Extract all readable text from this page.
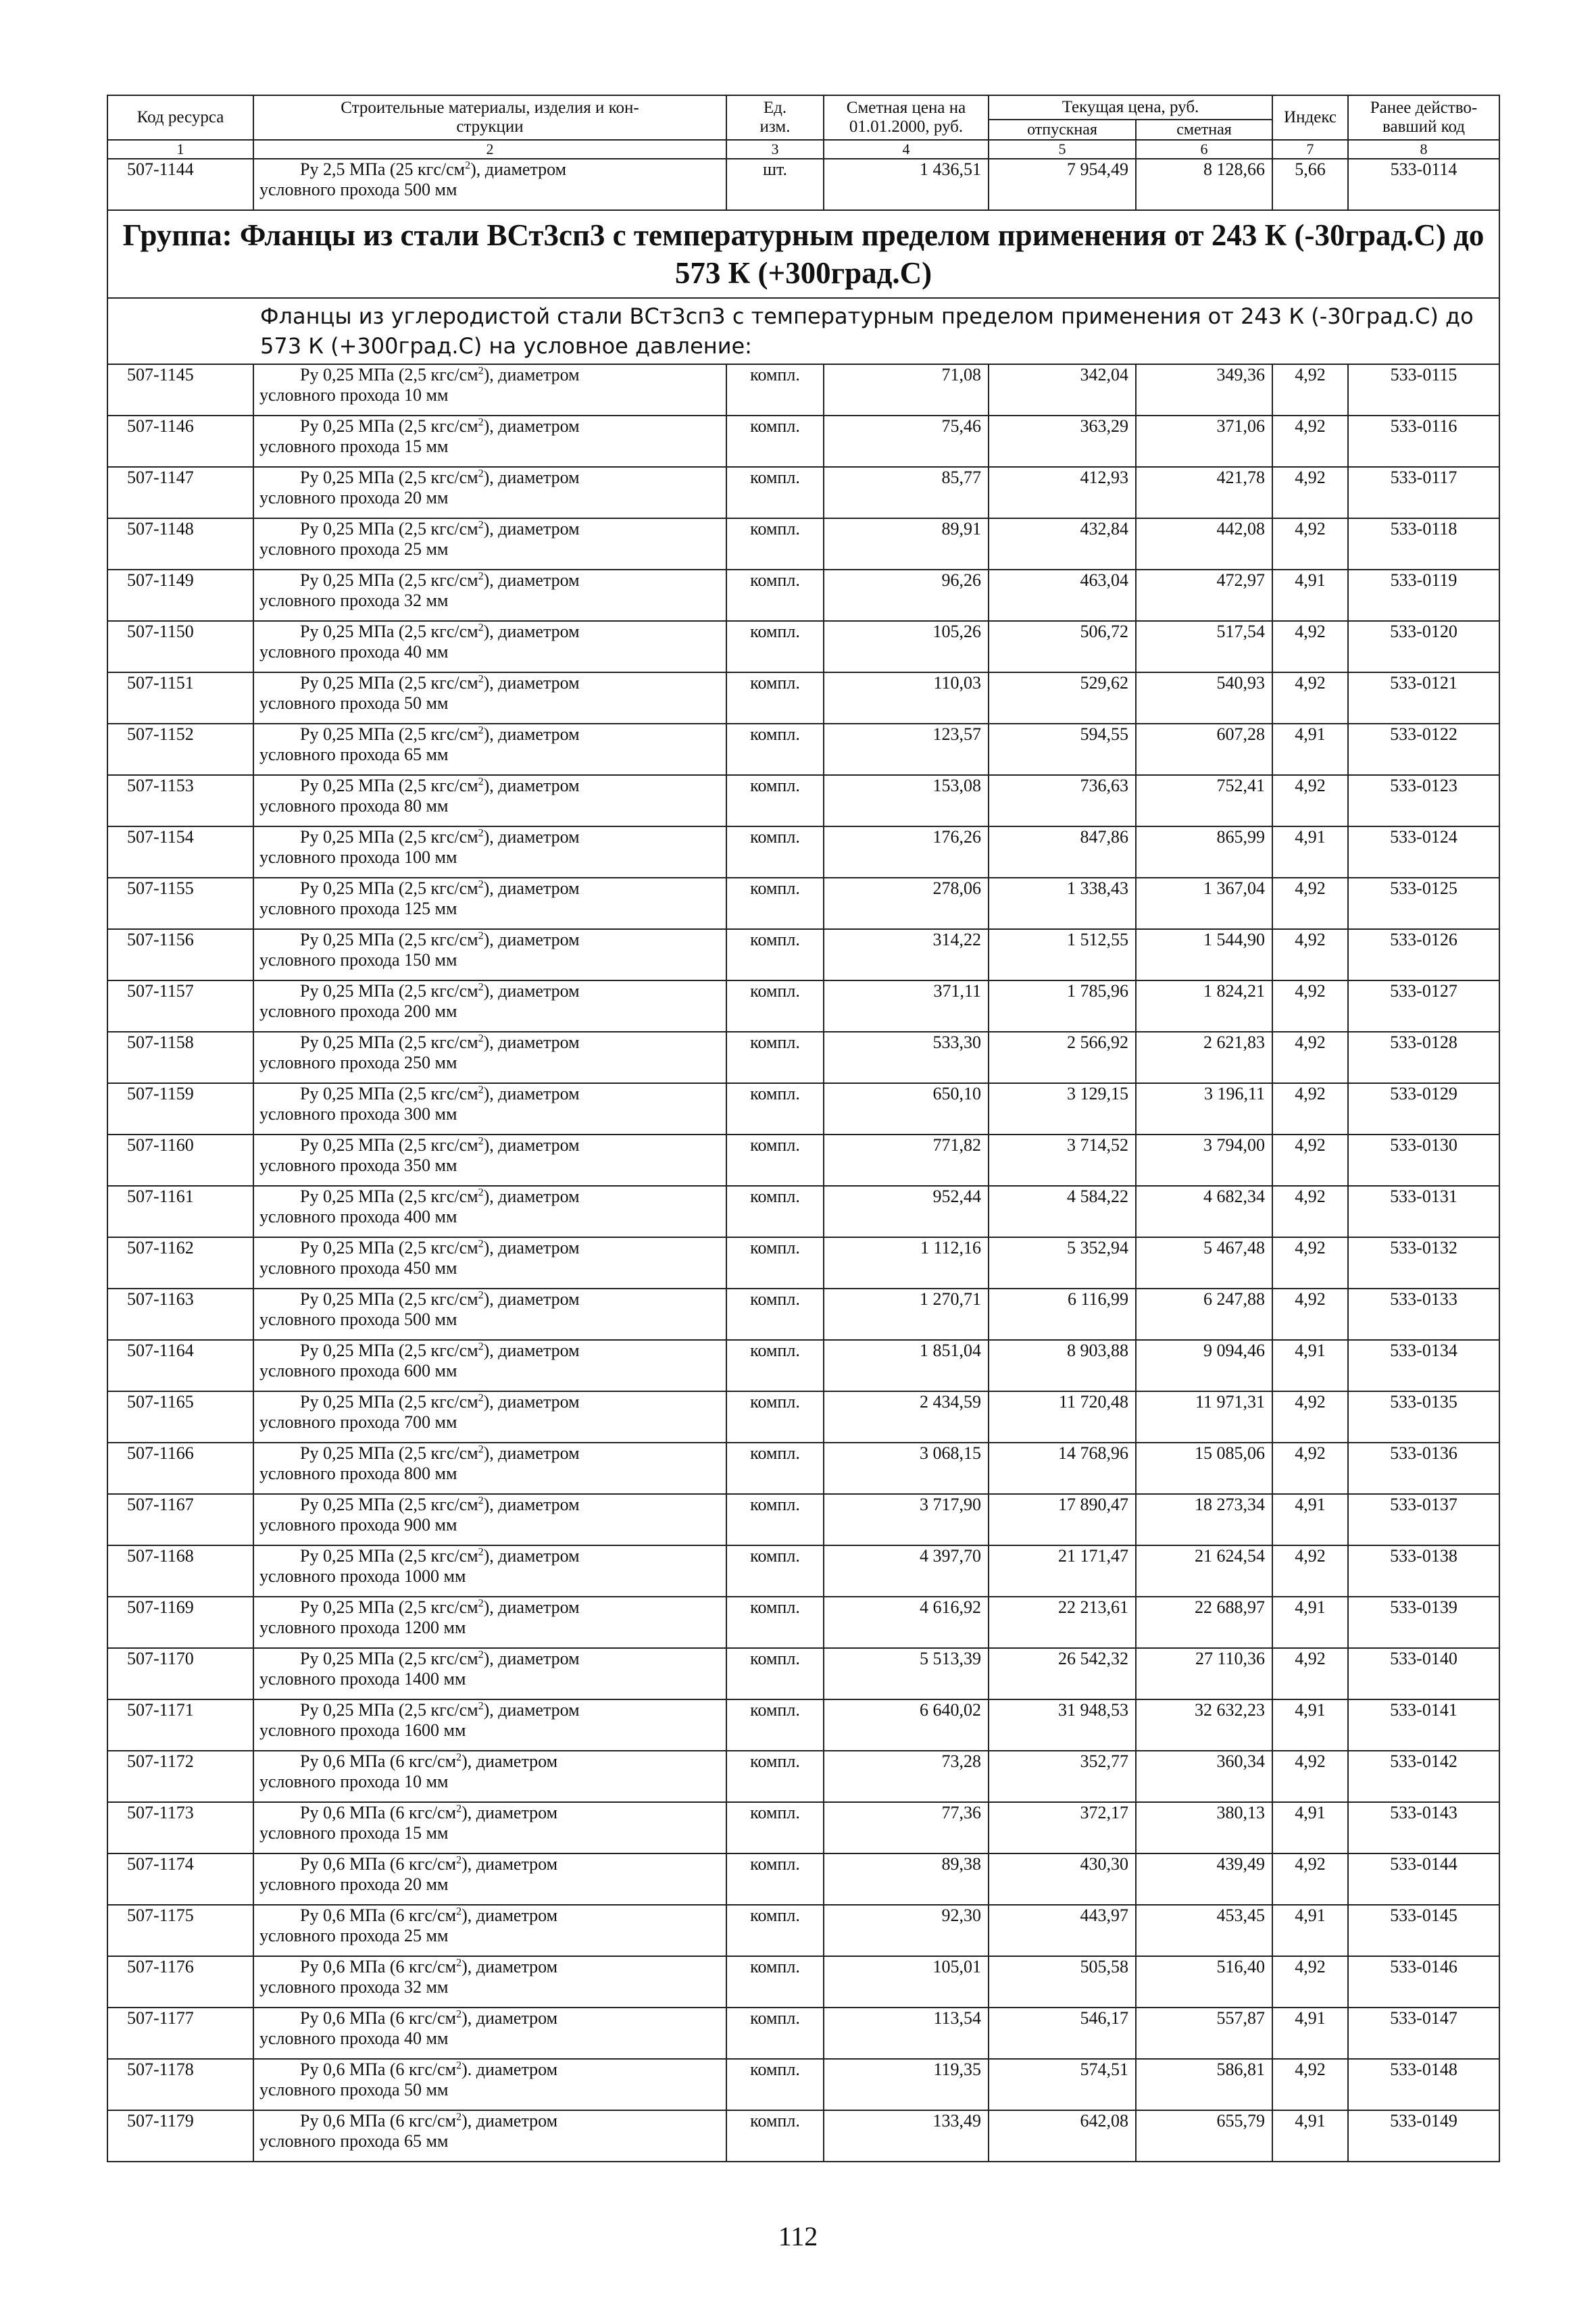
Код ресурса	Строительные материалы, изделия и кон-
струкции	Ед.
изм.	Сметная цена на
01.01.2000, руб.	Текущая цена, руб.		Индекс	Ранее действо-
вавший код
				отпускная	сметная		
1	2	3	4	5	6	7	8
507-1144	Ру 2,5 МПа (25 кгс/$см^2$), диаметром
условного прохода 500 мм	шт.	1 436,51	7 954,49	8 128,66	5,66	533-0114
Группа: Фланцы из стали ВСт3сп3 с температурным пределом применения от 243 К (-30град.С) до 573 К (+300град.С)							
Фланцы из углеродистой стали ВСт3сп3 с температурным пределом применения от 243 К (-30град.С) до 573 К (+300град.С) на условное давление:							
507-1145	Ру 0,25 МПа (2,5 кгс/$см^2$), диаметром
условного прохода 10 мм	компл.	71,08	342,04	349,36	4,92	533-0115
507-1146	Ру 0,25 МПа (2,5 кгс/$см^2$), диаметром
условного прохода 15 мм	компл.	75,46	363,29	371,06	4,92	533-0116
507-1147	Ру 0,25 МПа (2,5 кгс/$см^2$), диаметром
условного прохода 20 мм	компл.	85,77	412,93	421,78	4,92	533-0117
507-1148	Ру 0,25 МПа (2,5 кгс/$см^2$), диаметром
условного прохода 25 мм	компл.	89,91	432,84	442,08	4,92	533-0118
507-1149	Ру 0,25 МПа (2,5 кгс/$см^2$), диаметром
условного прохода 32 мм	компл.	96,26	463,04	472,97	4,91	533-0119
507-1150	Ру 0,25 МПа (2,5 кгс/$см^2$), диаметром
условного прохода 40 мм	компл.	105,26	506,72	517,54	4,92	533-0120
507-1151	Ру 0,25 МПа (2,5 кгс/$см^2$), диаметром
условного прохода 50 мм	компл.	110,03	529,62	540,93	4,92	533-0121
507-1152	Ру 0,25 МПа (2,5 кгс/$см^2$), диаметром
условного прохода 65 мм	компл.	123,57	594,55	607,28	4,91	533-0122
507-1153	Ру 0,25 МПа (2,5 кгс/$см^2$), диаметром
условного прохода 80 мм	компл.	153,08	736,63	752,41	4,92	533-0123
507-1154	Ру 0,25 МПа (2,5 кгс/$см^2$), диаметром
условного прохода 100 мм	компл.	176,26	847,86	865,99	4,91	533-0124
507-1155	Ру 0,25 МПа (2,5 кгс/$см^2$), диаметром
условного прохода 125 мм	компл.	278,06	1 338,43	1 367,04	4,92	533-0125
507-1156	Ру 0,25 МПа (2,5 кгс/$см^2$), диаметром
условного прохода 150 мм	компл.	314,22	1 512,55	1 544,90	4,92	533-0126
507-1157	Ру 0,25 МПа (2,5 кгс/$см^2$), диаметром
условного прохода 200 мм	компл.	371,11	1 785,96	1 824,21	4,92	533-0127
507-1158	Ру 0,25 МПа (2,5 кгс/$см^2$), диаметром
условного прохода 250 мм	компл.	533,30	2 566,92	2 621,83	4,92	533-0128
507-1159	Ру 0,25 МПа (2,5 кгс/$см^2$), диаметром
условного прохода 300 мм	компл.	650,10	3 129,15	3 196,11	4,92	533-0129
507-1160	Ру 0,25 МПа (2,5 кгс/$см^2$), диаметром
условного прохода 350 мм	компл.	771,82	3 714,52	3 794,00	4,92	533-0130
507-1161	Ру 0,25 МПа (2,5 кгс/$см^2$), диаметром
условного прохода 400 мм	компл.	952,44	4 584,22	4 682,34	4,92	533-0131
507-1162	Ру 0,25 МПа (2,5 кгс/$см^2$), диаметром
условного прохода 450 мм	компл.	1 112,16	5 352,94	5 467,48	4,92	533-0132
507-1163	Ру 0,25 МПа (2,5 кгс/$см^2$), диаметром
условного прохода 500 мм	компл.	1 270,71	6 116,99	6 247,88	4,92	533-0133
507-1164	Ру 0,25 МПа (2,5 кгс/$см^2$), диаметром
условного прохода 600 мм	компл.	1 851,04	8 903,88	9 094,46	4,91	533-0134
507-1165	Ру 0,25 МПа (2,5 кгс/$см^2$), диаметром
условного прохода 700 мм	компл.	2 434,59	11 720,48	11 971,31	4,92	533-0135
507-1166	Ру 0,25 МПа (2,5 кгс/$см^2$), диаметром
условного прохода 800 мм	компл.	3 068,15	14 768,96	15 085,06	4,92	533-0136
507-1167	Ру 0,25 МПа (2,5 кгс/$см^2$), диаметром
условного прохода 900 мм	компл.	3 717,90	17 890,47	18 273,34	4,91	533-0137
507-1168	Ру 0,25 МПа (2,5 кгс/$см^2$), диаметром
условного прохода 1000 мм	компл.	4 397,70	21 171,47	21 624,54	4,92	533-0138
507-1169	Ру 0,25 МПа (2,5 кгс/$см^2$), диаметром
условного прохода 1200 мм	компл.	4 616,92	22 213,61	22 688,97	4,91	533-0139
507-1170	Ру 0,25 МПа (2,5 кгс/$см^2$), диаметром
условного прохода 1400 мм	компл.	5 513,39	26 542,32	27 110,36	4,92	533-0140
507-1171	Ру 0,25 МПа (2,5 кгс/$см^2$), диаметром
условного прохода 1600 мм	компл.	6 640,02	31 948,53	32 632,23	4,91	533-0141
507-1172	Ру 0,6 МПа (6 кгс/$см^2$), диаметром
условного прохода 10 мм	компл.	73,28	352,77	360,34	4,92	533-0142
507-1173	Ру 0,6 МПа (6 кгс/$см^2$), диаметром
условного прохода 15 мм	компл.	77,36	372,17	380,13	4,91	533-0143
507-1174	Ру 0,6 МПа (6 кгс/$см^2$), диаметром
условного прохода 20 мм	компл.	89,38	430,30	439,49	4,92	533-0144
507-1175	Ру 0,6 МПа (6 кгс/$см^2$), диаметром
условного прохода 25 мм	компл.	92,30	443,97	453,45	4,91	533-0145
507-1176	Ру 0,6 МПа (6 кгс/$см^2$), диаметром
условного прохода 32 мм	компл.	105,01	505,58	516,40	4,92	533-0146
507-1177	Ру 0,6 МПа (6 кгс/$см^2$), диаметром
условного прохода 40 мм	компл.	113,54	546,17	557,87	4,91	533-0147
507-1178	Ру 0,6 МПа (6 кгс/$см^2$). диаметром
условного прохода 50 мм	компл.	119,35	574,51	586,81	4,92	533-0148
507-1179	Ру 0,6 МПа (6 кгс/$см^2$), диаметром
условного прохода 65 мм	компл.	133,49	642,08	655,79	4,91	533-0149
112
